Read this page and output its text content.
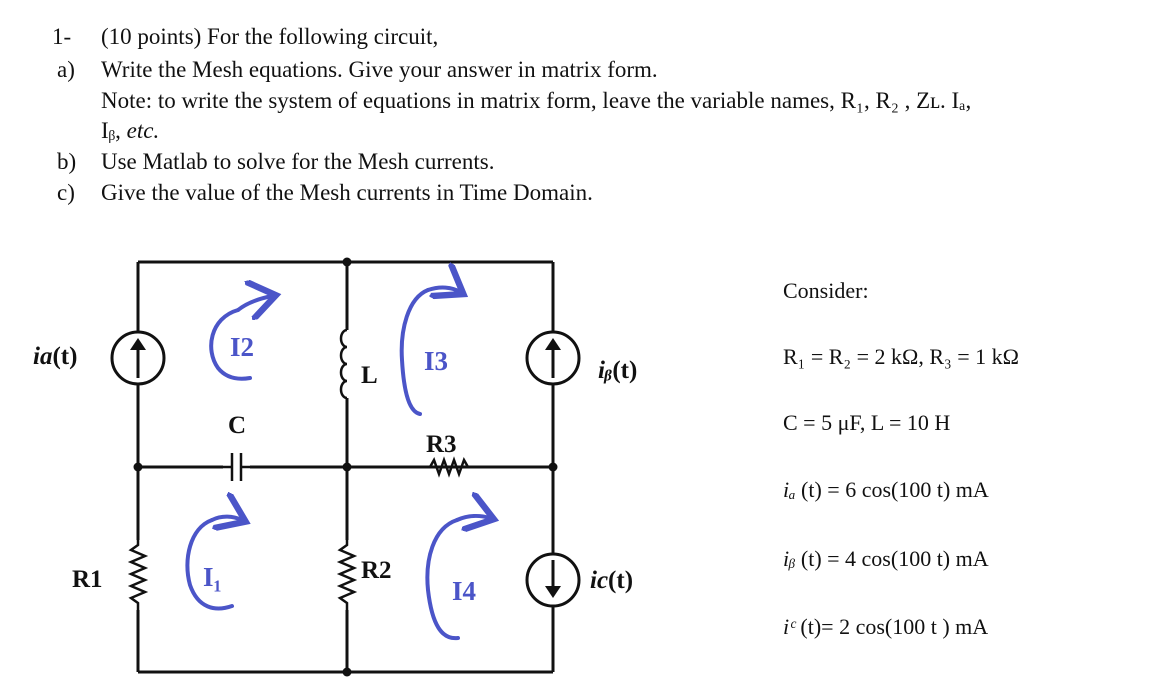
1- (10 points) For the following circuit,
a) Write the Mesh equations. Give your answer in matrix form.
Note: to write the system of equations in matrix form, leave the variable names, R₁, R₂ , Zʟ. Iₐ,
Iᵦ, etc.
b) Use Matlab to solve for the Mesh currents.
c) Give the value of the Mesh currents in Time Domain.
ia(t)
iᵦ(t)
ic(t)
R1	R2
R3
L
C
I₁
I2	I3
I4
Consider:
R₁ = R₂ = 2 kΩ, R₃ = 1 kΩ
C = 5 μF, L = 10 H
iₐ (t) = 6 cos(100 t) mA
iᵦ (t) = 4 cos(100 t) mA
iᶜ (t)= 2 cos(100 t ) mA
